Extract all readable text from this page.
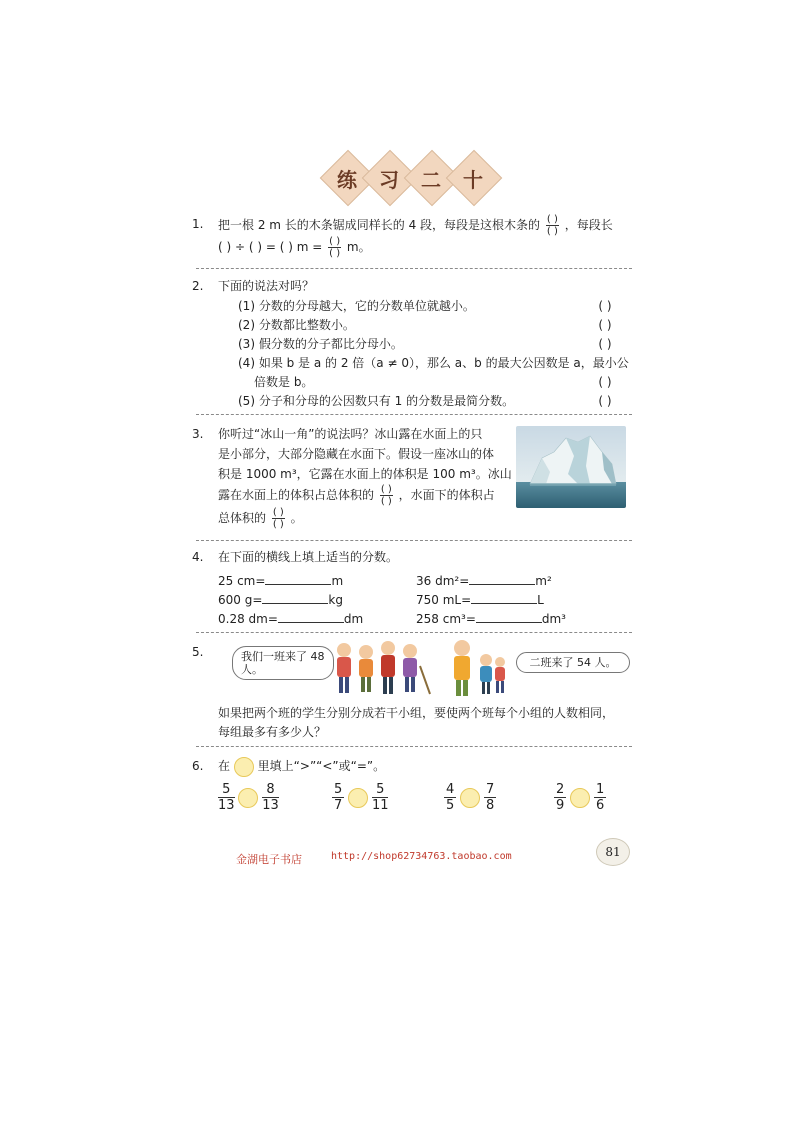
练	习	二	十
1. 把一根 2 m 长的木条锯成同样长的 4 段，每段是这根木条的 $\frac{( )}{( )}$ ，每段长
( ) ÷ ( ) = ( ) $m = \frac{( )}{( )}$ m。
2. 下面的说法对吗？
(1) 分数的分母越大，它的分数单位就越小。	( )
(2) 分数都比整数小。	( )
(3) 假分数的分子都比分母小。	( )
(4) 如果 b 是 a 的 2 倍（a ≠ 0），那么 a、b 的最大公因数是 a，最小公
倍数是 b。	( )
(5) 分子和分母的公因数只有 1 的分数是最简分数。	( )
3. 你听过“冰山一角”的说法吗？冰山露在水面上的只
是小部分，大部分隐藏在水面下。假设一座冰山的体
积是 1000 m³，它露在水面上的体积是 100 m³。冰山
露在水面上的体积占总体积的 $\frac{( )}{( )}$ ，水面下的体积占
总体积的 $\frac{( )}{( )}$ 。
4. 在下面的横线上填上适当的分数。
25 cm=	m	36 dm²=	m²
600 g=	kg	750 mL=	L
0.28 dm=	dm	258 cm³=	dm³
5.	我们一班来了 48 人。
二班来了 54 人。
如果把两个班的学生分别分成若干小组，要使两个班每个小组的人数相同，
每组最多有多少人？
6. 在 里填上“>”“<”或“=”。
$\frac{5}{13} \frac{8}{13}$	$\frac{5}{7} \frac{5}{11}$	$\frac{4}{5} \frac{7}{8}$	$\frac{2}{9} \frac{1}{6}$
金湖电子书店	http://shop62734763.taobao.com	81
